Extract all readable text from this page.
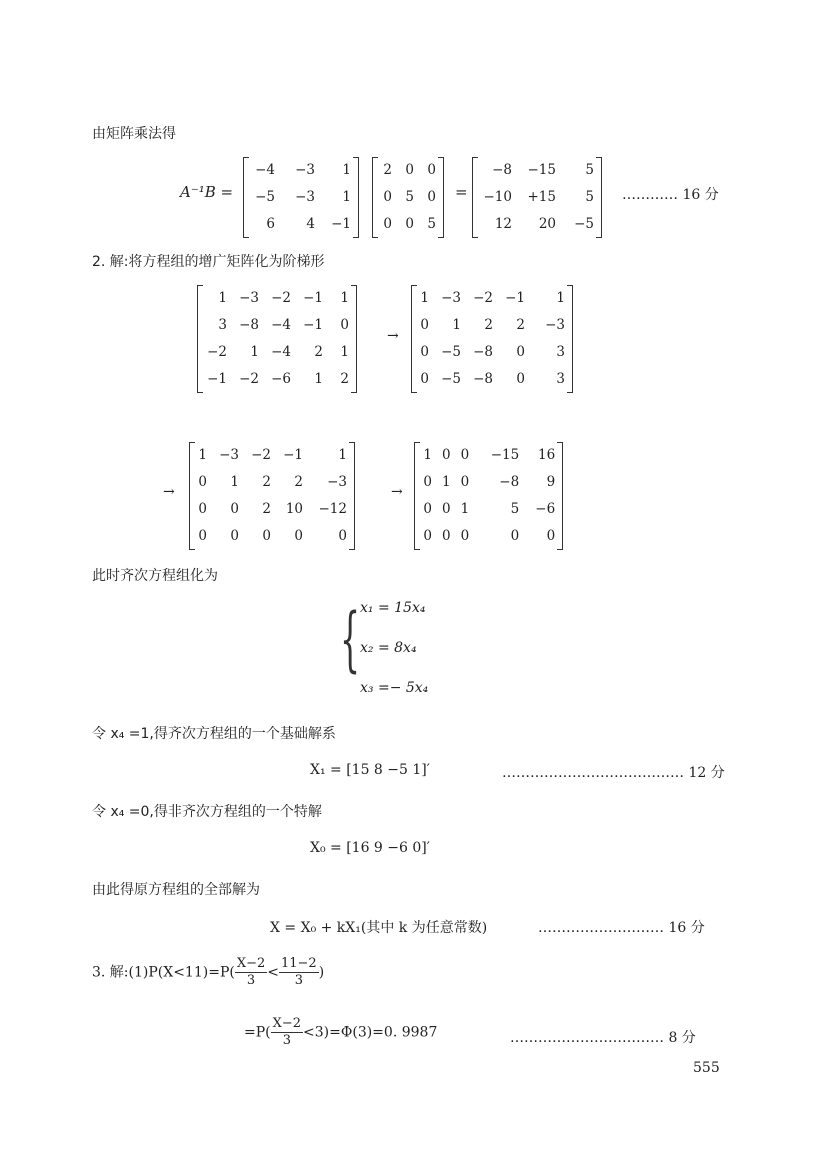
由矩阵乘法得
A⁻¹B =
−4	−3	1
−5	−3	1
6	4	−1
2	0	0
0	5	0
0	0	5
=
−8	−15	5
−10	+15	5
12	20	−5
………… 16 分
2. 解:将方程组的增广矩阵化为阶梯形
1	−3	−2	−1	1
3	−8	−4	−1	0
−2	1	−4	2	1
−1	−2	−6	1	2
→
1	−3	−2	−1	1
0	1	2	2	−3
0	−5	−8	0	3
0	−5	−8	0	3
→
1	−3	−2	−1	1
0	1	2	2	−3
0	0	2	10	−12
0	0	0	0	0
→
1	0	0	−15	16
0	1	0	−8	9
0	0	1	5	−6
0	0	0	0	0
此时齐次方程组化为
{ x₁ = 15x₄
x₂ = 8x₄
x₃ =− 5x₄
令 x₄ =1,得齐次方程组的一个基础解系
X₁ = [15 8 −5 1]′	………………………………… 12 分
令 x₄ =0,得非齐次方程组的一个特解
X₀ = [16 9 −6 0]′
由此得原方程组的全部解为
X = X₀ + kX₁(其中 k 为任意常数)	……………………… 16 分
3. 解:(1)P(X<11)=P( $\frac{X-2}{3} < \frac{11-2}{3}$ )
$=P( \frac{X-2}{3} <3)=\Phi(3)=0$. 9987	…………………………… 8 分
555
